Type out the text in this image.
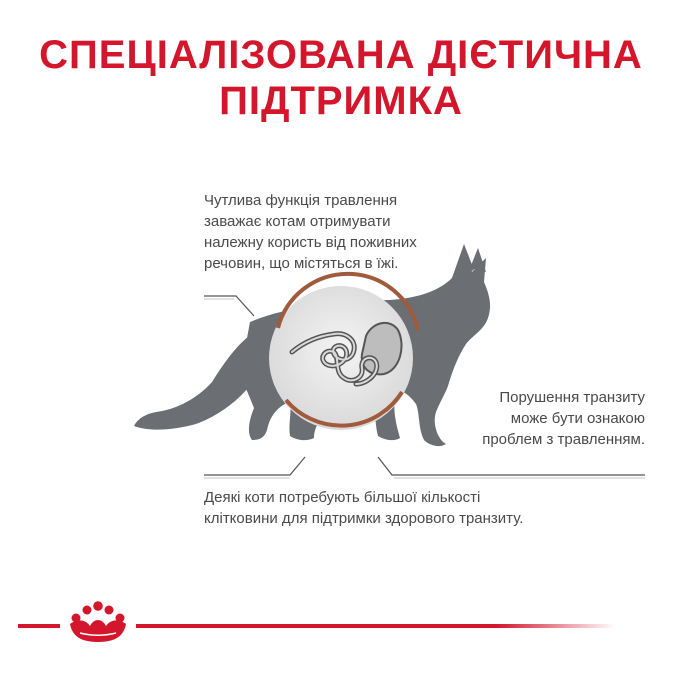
СПЕЦІАЛІЗОВАНА ДІЄТИЧНА
ПІДТРИМКА
Чутлива функція травлення заважає котам отримувати належну користь від поживних речовин, що містяться в їжі.
Порушення транзиту може бути ознакою проблем з травленням.
Деякі коти потребують більшої кількості клітковини для підтримки здорового транзиту.
